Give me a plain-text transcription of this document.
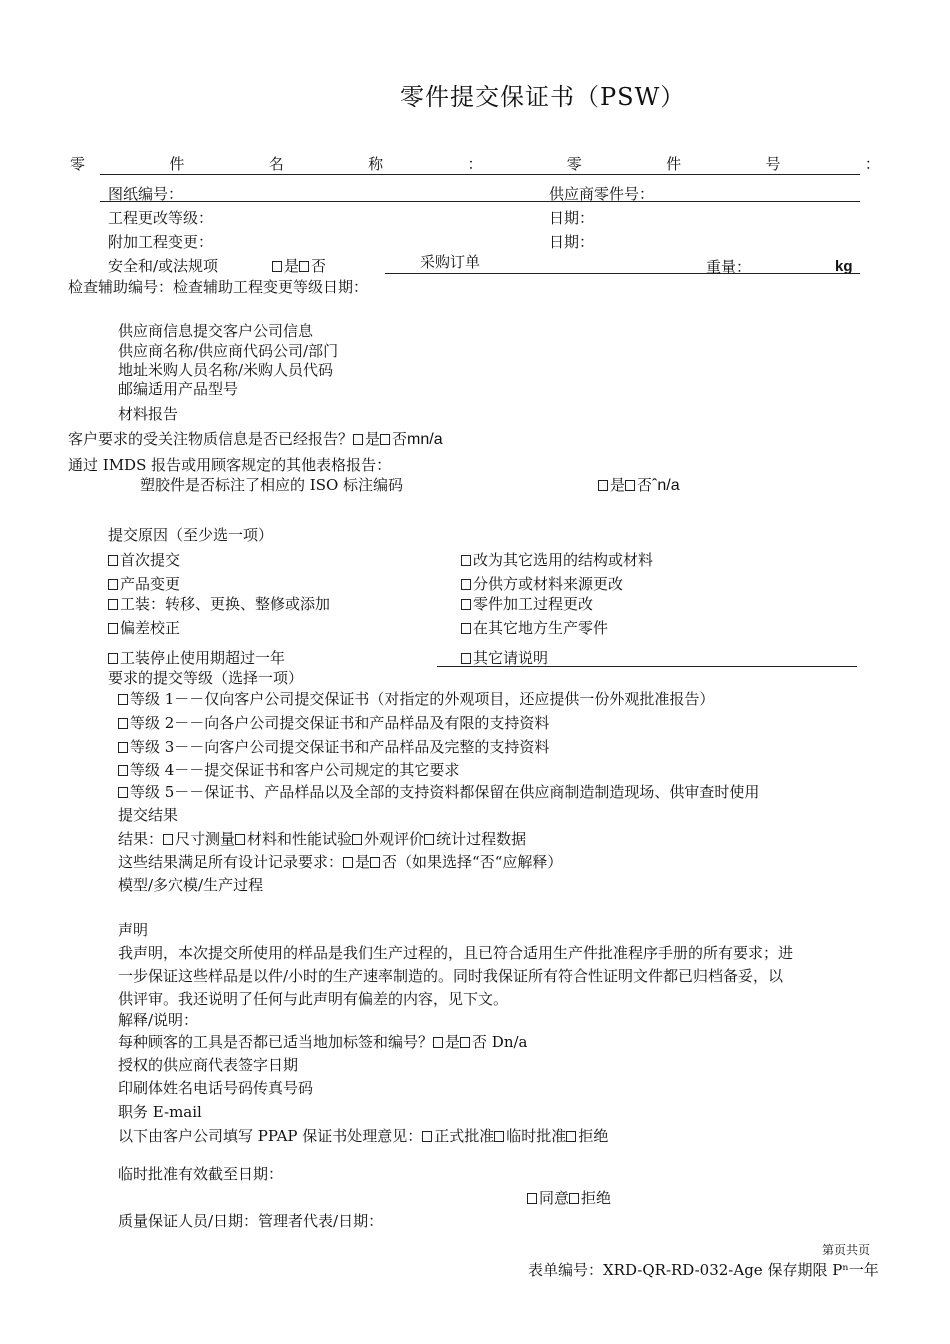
零件提交保证书（PSW）
零	件	名	称	：	零	件	号	：
图纸编号：	供应商零件号：
工程更改等级：	日期：
附加工程变更：	日期：
安全和/或法规项	是 否	采购订单	重量：	kg
检查辅助编号：检查辅助工程变更等级日期：
供应商信息提交客户公司信息
供应商名称/供应商代码公司/部门
地址米购人员名称/米购人员代码
邮编适用产品型号
材料报告
客户要求的受关注物质信息是否已经报告？ 是 否mn/a
通过 IMDS 报告或用顾客规定的其他表格报告：
塑胶件是否标注了相应的 ISO 标注编码	是 否ˆn/a
提交原因（至少选一项）
首次提交	改为其它选用的结构或材料
产品变更	分供方或材料来源更改
工装：转移、更换、整修或添加	零件加工过程更改
偏差校正	在其它地方生产零件
工装停止使用期超过一年	其它请说明
要求的提交等级（选择一项）
等级 1－－仅向客户公司提交保证书（对指定的外观项目，还应提供一份外观批准报告）
等级 2－－向各户公司提交保证书和产品样品及有限的支持资料
等级 3－－向客户公司提交保证书和产品样品及完整的支持资料
等级 4－－提交保证书和客户公司规定的其它要求
等级 5－－保证书、产品样品以及全部的支持资料都保留在供应商制造制造现场、供审查时使用
提交结果
结果： 尺寸测量 材料和性能试验 外观评价 统计过程数据
这些结果满足所有设计记录要求： 是 否（如果选择“否“应解释）
模型/多穴模/生产过程
声明
我声明，本次提交所使用的样品是我们生产过程的，且已符合适用生产件批准程序手册的所有要求；进
一步保证这些样品是以件/小时的生产速率制造的。同时我保证所有符合性证明文件都已归档备妥，以
供评审。我还说明了任何与此声明有偏差的内容，见下文。
解释/说明：
每种顾客的工具是否都已适当地加标签和编号？ 是 否 Dn/a
授权的供应商代表签字日期
印刷体姓名电话号码传真号码
职务 E-mail
以下由客户公司填写 PPAP 保证书处理意见： 正式批准 临时批准 拒绝
临时批准有效截至日期：
同意 拒绝
质量保证人员/日期：管理者代表/日期：
第页共页
表单编号：XRD-QR-RD-032-Age 保存期限 Pⁿ一年
